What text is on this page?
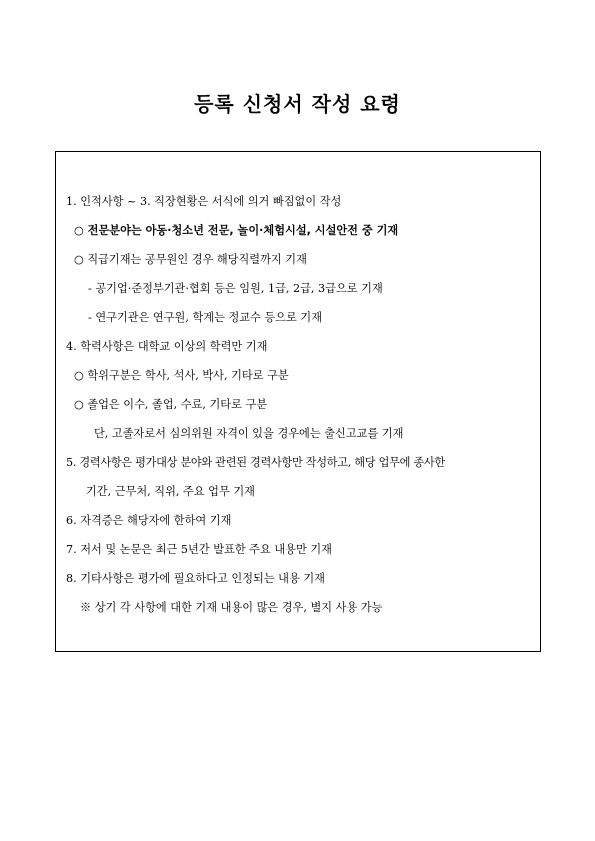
등록 신청서 작성 요령
1. 인적사항 ~ 3. 직장현황은 서식에 의거 빠짐없이 작성
○ 전문분야는 아동·청소년 전문, 놀이·체험시설, 시설안전 중 기재
○ 직급기재는 공무원인 경우 해당직렬까지 기재
- 공기업·준정부기관·협회 등은 임원, 1급, 2급, 3급으로 기재
- 연구기관은 연구원, 학계는 정교수 등으로 기재
4. 학력사항은 대학교 이상의 학력만 기재
○ 학위구분은 학사, 석사, 박사, 기타로 구분
○ 졸업은 이수, 졸업, 수료, 기타로 구분
단, 고졸자로서 심의위원 자격이 있을 경우에는 출신고교를 기재
5. 경력사항은 평가대상 분야와 관련된 경력사항만 작성하고, 해당 업무에 종사한
기간, 근무처, 직위, 주요 업무 기재
6. 자격증은 해당자에 한하여 기재
7. 저서 및 논문은 최근 5년간 발표한 주요 내용만 기재
8. 기타사항은 평가에 필요하다고 인정되는 내용 기재
※ 상기 각 사항에 대한 기재 내용이 많은 경우, 별지 사용 가능
